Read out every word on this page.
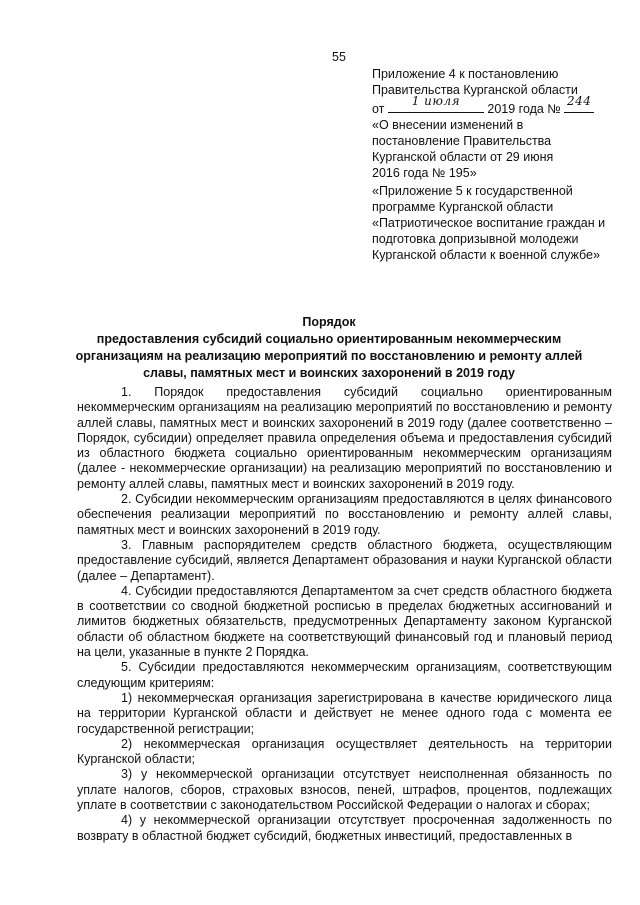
55
Приложение 4 к постановлению
Правительства Курганской области
от
1 июля
2019 года №
244
«О внесении изменений в
постановление Правительства
Курганской области от 29 июня
2016 года № 195»
«Приложение 5 к государственной
программе Курганской области
«Патриотическое воспитание граждан и
подготовка допризывной молодежи
Курганской области к военной службе»
Порядок
предоставления субсидий социально ориентированным некоммерческим
организациям на реализацию мероприятий по восстановлению и ремонту аллей
славы, памятных мест и воинских захоронений в 2019 году

1. Порядок предоставления субсидий социально ориентированным некоммерческим организациям на реализацию мероприятий по восстановлению и ремонту аллей славы, памятных мест и воинских захоронений в 2019 году (далее соответственно – Порядок, субсидии) определяет правила определения объема и предоставления субсидий из областного бюджета социально ориентированным некоммерческим организациям (далее - некоммерческие организации) на реализацию мероприятий по восстановлению и ремонту аллей славы, памятных мест и воинских захоронений в 2019 году.

2. Субсидии некоммерческим организациям предоставляются в целях финансового обеспечения реализации мероприятий по восстановлению и ремонту аллей славы, памятных мест и воинских захоронений в 2019 году.

3. Главным распорядителем средств областного бюджета, осуществляющим предоставление субсидий, является Департамент образования и науки Курганской области (далее – Департамент).

4. Субсидии предоставляются Департаментом за счет средств областного бюджета в соответствии со сводной бюджетной росписью в пределах бюджетных ассигнований и лимитов бюджетных обязательств, предусмотренных Департаменту законом Курганской области об областном бюджете на соответствующий финансовый год и плановый период на цели, указанные в пункте 2 Порядка.

5. Субсидии предоставляются некоммерческим организациям, соответствующим следующим критериям:

1) некоммерческая организация зарегистрирована в качестве юридического лица на территории Курганской области и действует не менее одного года с момента ее государственной регистрации;

2) некоммерческая организация осуществляет деятельность на территории Курганской области;

3) у некоммерческой организации отсутствует неисполненная обязанность по уплате налогов, сборов, страховых взносов, пеней, штрафов, процентов, подлежащих уплате в соответствии с законодательством Российской Федерации о налогах и сборах;

4) у некоммерческой организации отсутствует просроченная задолженность по возврату в областной бюджет субсидий, бюджетных инвестиций, предоставленных в
